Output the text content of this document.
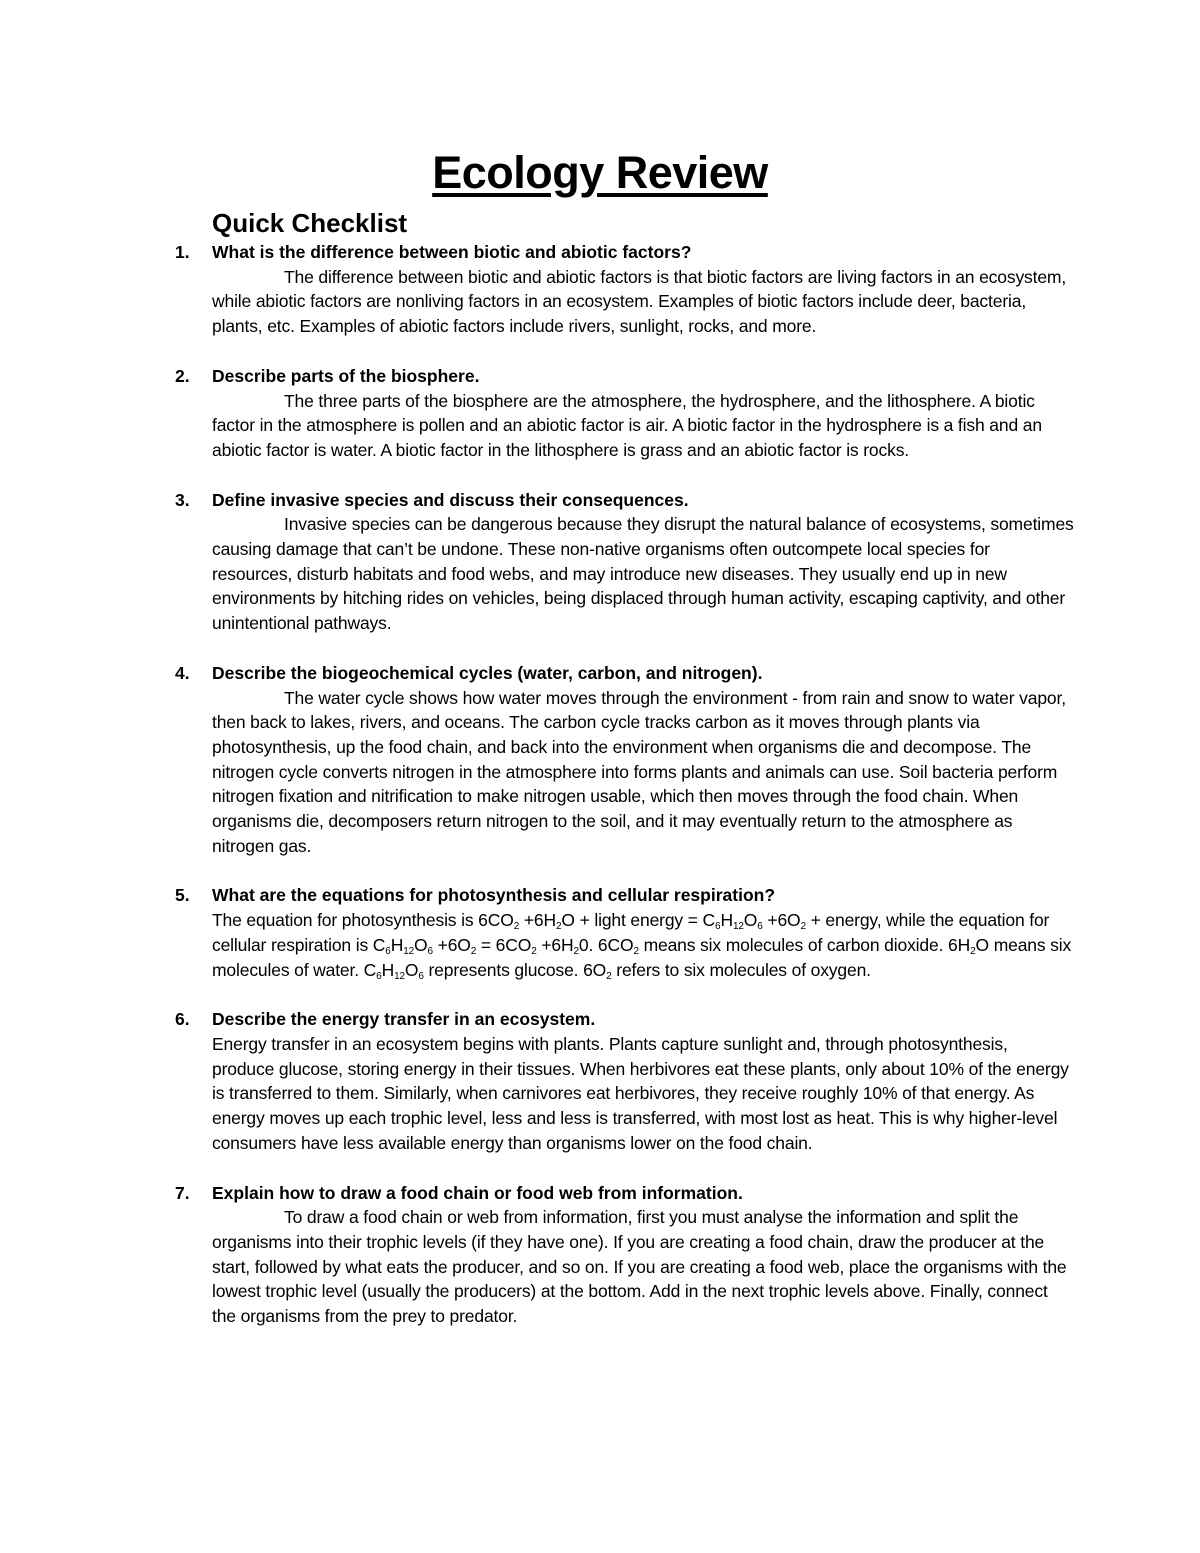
Ecology Review
Quick Checklist
1. What is the difference between biotic and abiotic factors?
The difference between biotic and abiotic factors is that biotic factors are living factors in an ecosystem, while abiotic factors are nonliving factors in an ecosystem. Examples of biotic factors include deer, bacteria, plants, etc. Examples of abiotic factors include rivers, sunlight, rocks, and more.
2. Describe parts of the biosphere.
The three parts of the biosphere are the atmosphere, the hydrosphere, and the lithosphere. A biotic factor in the atmosphere is pollen and an abiotic factor is air. A biotic factor in the hydrosphere is a fish and an abiotic factor is water. A biotic factor in the lithosphere is grass and an abiotic factor is rocks.
3. Define invasive species and discuss their consequences.
Invasive species can be dangerous because they disrupt the natural balance of ecosystems, sometimes causing damage that can’t be undone. These non-native organisms often outcompete local species for resources, disturb habitats and food webs, and may introduce new diseases. They usually end up in new environments by hitching rides on vehicles, being displaced through human activity, escaping captivity, and other unintentional pathways.
4. Describe the biogeochemical cycles (water, carbon, and nitrogen).
The water cycle shows how water moves through the environment - from rain and snow to water vapor, then back to lakes, rivers, and oceans. The carbon cycle tracks carbon as it moves through plants via photosynthesis, up the food chain, and back into the environment when organisms die and decompose. The nitrogen cycle converts nitrogen in the atmosphere into forms plants and animals can use. Soil bacteria perform nitrogen fixation and nitrification to make nitrogen usable, which then moves through the food chain. When organisms die, decomposers return nitrogen to the soil, and it may eventually return to the atmosphere as nitrogen gas.
5. What are the equations for photosynthesis and cellular respiration?
The equation for photosynthesis is $6CO_2 +6H_2O$ + light energy = $C_6H_{12}O_6 +6O_2$ + energy, while the equation for cellular respiration is $C_6H_{12}O_6 +6O_2 = 6CO_2 +6H_20$. $6CO_2$ means six molecules of carbon dioxide. $6H_2O$ means six molecules of water. $C_6H_{12}O_6$ represents glucose. $6O_2$ refers to six molecules of oxygen.
6. Describe the energy transfer in an ecosystem.
Energy transfer in an ecosystem begins with plants. Plants capture sunlight and, through photosynthesis, produce glucose, storing energy in their tissues. When herbivores eat these plants, only about 10% of the energy is transferred to them. Similarly, when carnivores eat herbivores, they receive roughly 10% of that energy. As energy moves up each trophic level, less and less is transferred, with most lost as heat. This is why higher-level consumers have less available energy than organisms lower on the food chain.
7. Explain how to draw a food chain or food web from information.
To draw a food chain or web from information, first you must analyse the information and split the organisms into their trophic levels (if they have one). If you are creating a food chain, draw the producer at the start, followed by what eats the producer, and so on. If you are creating a food web, place the organisms with the lowest trophic level (usually the producers) at the bottom. Add in the next trophic levels above. Finally, connect the organisms from the prey to predator.
